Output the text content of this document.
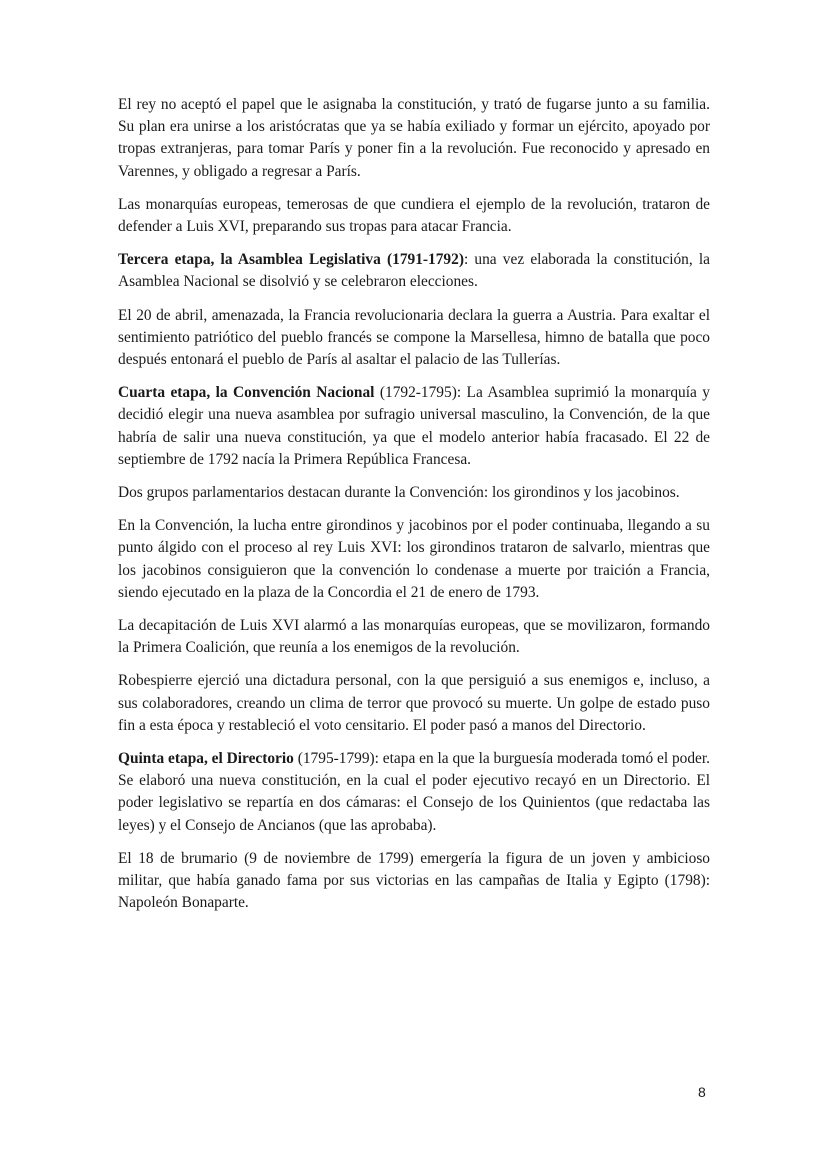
El rey no aceptó el papel que le asignaba la constitución, y trató de fugarse junto a su familia. Su plan era unirse a los aristócratas que ya se había exiliado y formar un ejército, apoyado por tropas extranjeras, para tomar París y poner fin a la revolución. Fue reconocido y apresado en Varennes, y obligado a regresar a París.

Las monarquías europeas, temerosas de que cundiera el ejemplo de la revolución, trataron de defender a Luis XVI, preparando sus tropas para atacar Francia.

Tercera etapa, la Asamblea Legislativa (1791-1792): una vez elaborada la constitución, la Asamblea Nacional se disolvió y se celebraron elecciones.

El 20 de abril, amenazada, la Francia revolucionaria declara la guerra a Austria. Para exaltar el sentimiento patriótico del pueblo francés se compone la Marsellesa, himno de batalla que poco después entonará el pueblo de París al asaltar el palacio de las Tullerías.

Cuarta etapa, la Convención Nacional (1792-1795): La Asamblea suprimió la monarquía y decidió elegir una nueva asamblea por sufragio universal masculino, la Convención, de la que habría de salir una nueva constitución, ya que el modelo anterior había fracasado. El 22 de septiembre de 1792 nacía la Primera República Francesa.

Dos grupos parlamentarios destacan durante la Convención: los girondinos y los jacobinos.

En la Convención, la lucha entre girondinos y jacobinos por el poder continuaba, llegando a su punto álgido con el proceso al rey Luis XVI: los girondinos trataron de salvarlo, mientras que los jacobinos consiguieron que la convención lo condenase a muerte por traición a Francia, siendo ejecutado en la plaza de la Concordia el 21 de enero de 1793.

La decapitación de Luis XVI alarmó a las monarquías europeas, que se movilizaron, formando la Primera Coalición, que reunía a los enemigos de la revolución.

Robespierre ejerció una dictadura personal, con la que persiguió a sus enemigos e, incluso, a sus colaboradores, creando un clima de terror que provocó su muerte. Un golpe de estado puso fin a esta época y restableció el voto censitario. El poder pasó a manos del Directorio.

Quinta etapa, el Directorio (1795-1799): etapa en la que la burguesía moderada tomó el poder. Se elaboró una nueva constitución, en la cual el poder ejecutivo recayó en un Directorio. El poder legislativo se repartía en dos cámaras: el Consejo de los Quinientos (que redactaba las leyes) y el Consejo de Ancianos (que las aprobaba).

El 18 de brumario (9 de noviembre de 1799) emergería la figura de un joven y ambicioso militar, que había ganado fama por sus victorias en las campañas de Italia y Egipto (1798): Napoleón Bonaparte.

8
